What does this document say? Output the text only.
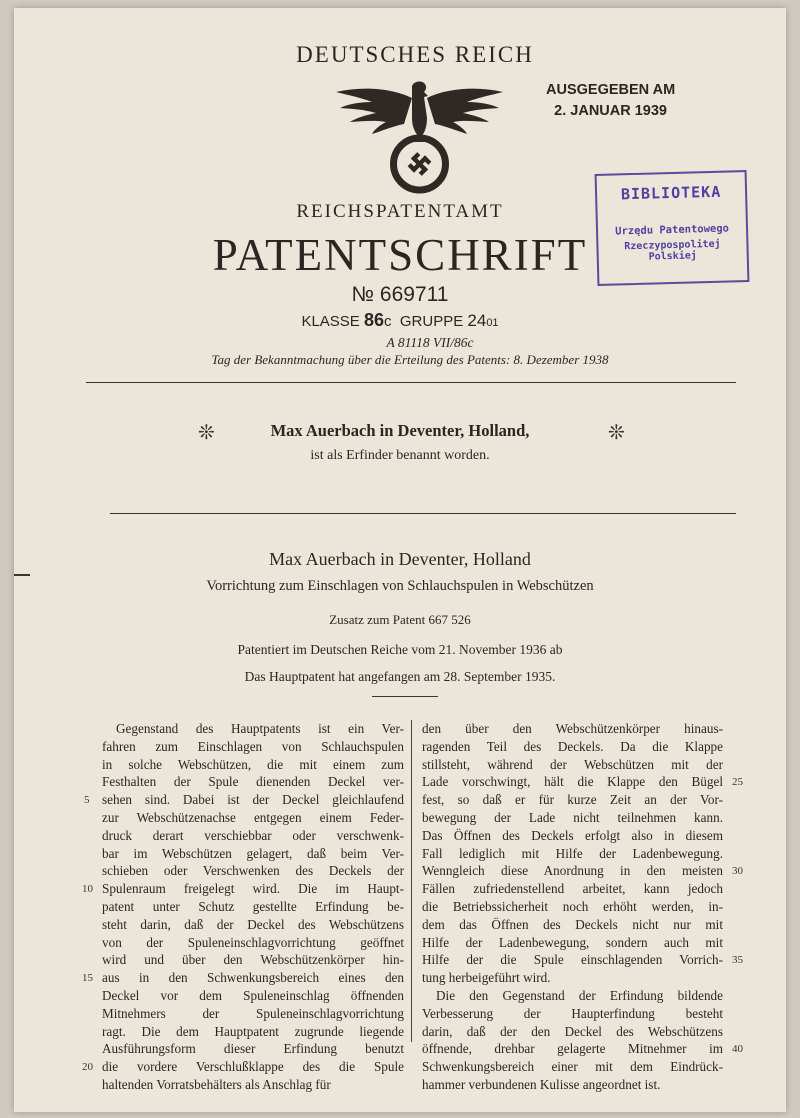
DEUTSCHES REICH
AUSGEGEBEN AM
2. JANUAR 1939
BIBLIOTEKA
Urzędu Patentowego
Rzeczypospolitej Polskiej
REICHSPATENTAMT
PATENTSCHRIFT
№ 669711
KLASSE 86c GRUPPE 2401
A 81118 VII/86c
Tag der Bekanntmachung über die Erteilung des Patents: 8. Dezember 1938
❊	❊
Max Auerbach in Deventer, Holland,
ist als Erfinder benannt worden.
Max Auerbach in Deventer, Holland
Vorrichtung zum Einschlagen von Schlauchspulen in Webschützen
Zusatz zum Patent 667 526
Patentiert im Deutschen Reiche vom 21. November 1936 ab
Das Hauptpatent hat angefangen am 28. September 1935.
Gegenstand des Hauptpatents ist ein Ver-
fahren zum Einschlagen von Schlauchspulen
in solche Webschützen, die mit einem zum
Festhalten der Spule dienenden Deckel ver-
sehen sind. Dabei ist der Deckel gleichlaufend
zur Webschützenachse entgegen einem Feder-
druck derart verschiebbar oder verschwenk-
bar im Webschützen gelagert, daß beim Ver-
schieben oder Verschwenken des Deckels der
Spulenraum freigelegt wird. Die im Haupt-
patent unter Schutz gestellte Erfindung be-
steht darin, daß der Deckel des Webschützens
von der Spuleneinschlagvorrichtung geöffnet
wird und über den Webschützenkörper hin-
aus in den Schwenkungsbereich eines den
Deckel vor dem Spuleneinschlag öffnenden
Mitnehmers der Spuleneinschlagvorrichtung
ragt. Die dem Hauptpatent zugrunde liegende
Ausführungsform dieser Erfindung benutzt
die vordere Verschlußklappe des die Spule
haltenden Vorratsbehälters als Anschlag für
den über den Webschützenkörper hinaus-
ragenden Teil des Deckels. Da die Klappe
stillsteht, während der Webschützen mit der
Lade vorschwingt, hält die Klappe den Bügel
fest, so daß er für kurze Zeit an der Vor-
bewegung der Lade nicht teilnehmen kann.
Das Öffnen des Deckels erfolgt also in diesem
Fall lediglich mit Hilfe der Ladenbewegung.
Wenngleich diese Anordnung in den meisten
Fällen zufriedenstellend arbeitet, kann jedoch
die Betriebssicherheit noch erhöht werden, in-
dem das Öffnen des Deckels nicht nur mit
Hilfe der Ladenbewegung, sondern auch mit
Hilfe der die Spule einschlagenden Vorrich-
tung herbeigeführt wird.
Die den Gegenstand der Erfindung bildende
Verbesserung der Haupterfindung besteht
darin, daß der den Deckel des Webschützens
öffnende, drehbar gelagerte Mitnehmer im
Schwenkungsbereich einer mit dem Eindrück-
hammer verbundenen Kulisse angeordnet ist.
5
10
15
20
25
30
35
40
